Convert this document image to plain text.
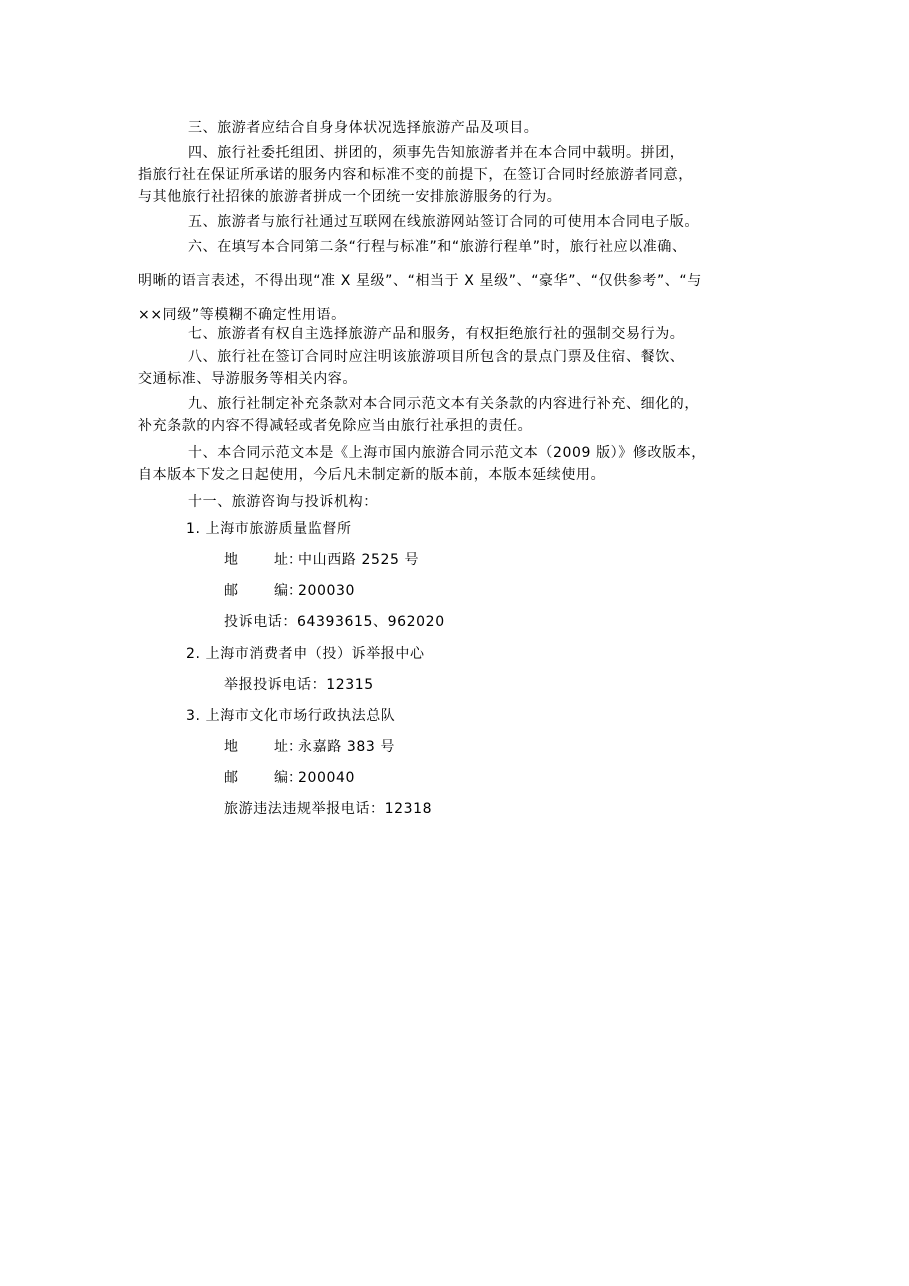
三、旅游者应结合自身身体状况选择旅游产品及项目。
四、旅行社委托组团、拼团的，须事先告知旅游者并在本合同中载明。拼团，
指旅行社在保证所承诺的服务内容和标准不变的前提下，在签订合同时经旅游者同意，
与其他旅行社招徕的旅游者拼成一个团统一安排旅游服务的行为。
五、旅游者与旅行社通过互联网在线旅游网站签订合同的可使用本合同电子版。
六、在填写本合同第二条“行程与标准”和“旅游行程单”时，旅行社应以准确、
明晰的语言表述，不得出现“准 X 星级”、“相当于 X 星级”、“豪华”、“仅供参考”、“与
××同级”等模糊不确定性用语。
七、旅游者有权自主选择旅游产品和服务，有权拒绝旅行社的强制交易行为。
八、旅行社在签订合同时应注明该旅游项目所包含的景点门票及住宿、餐饮、
交通标准、导游服务等相关内容。
九、旅行社制定补充条款对本合同示范文本有关条款的内容进行补充、细化的，
补充条款的内容不得减轻或者免除应当由旅行社承担的责任。
十、本合同示范文本是《上海市国内旅游合同示范文本（2009 版）》修改版本，
自本版本下发之日起使用，今后凡未制定新的版本前，本版本延续使用。
十一、旅游咨询与投诉机构：
1. 上海市旅游质量监督所
地	址：中山西路 2525 号
邮	编：200030
投诉电话：64393615、962020
2. 上海市消费者申（投）诉举报中心
举报投诉电话：12315
3. 上海市文化市场行政执法总队
地	址：永嘉路 383 号
邮	编：200040
旅游违法违规举报电话：12318
